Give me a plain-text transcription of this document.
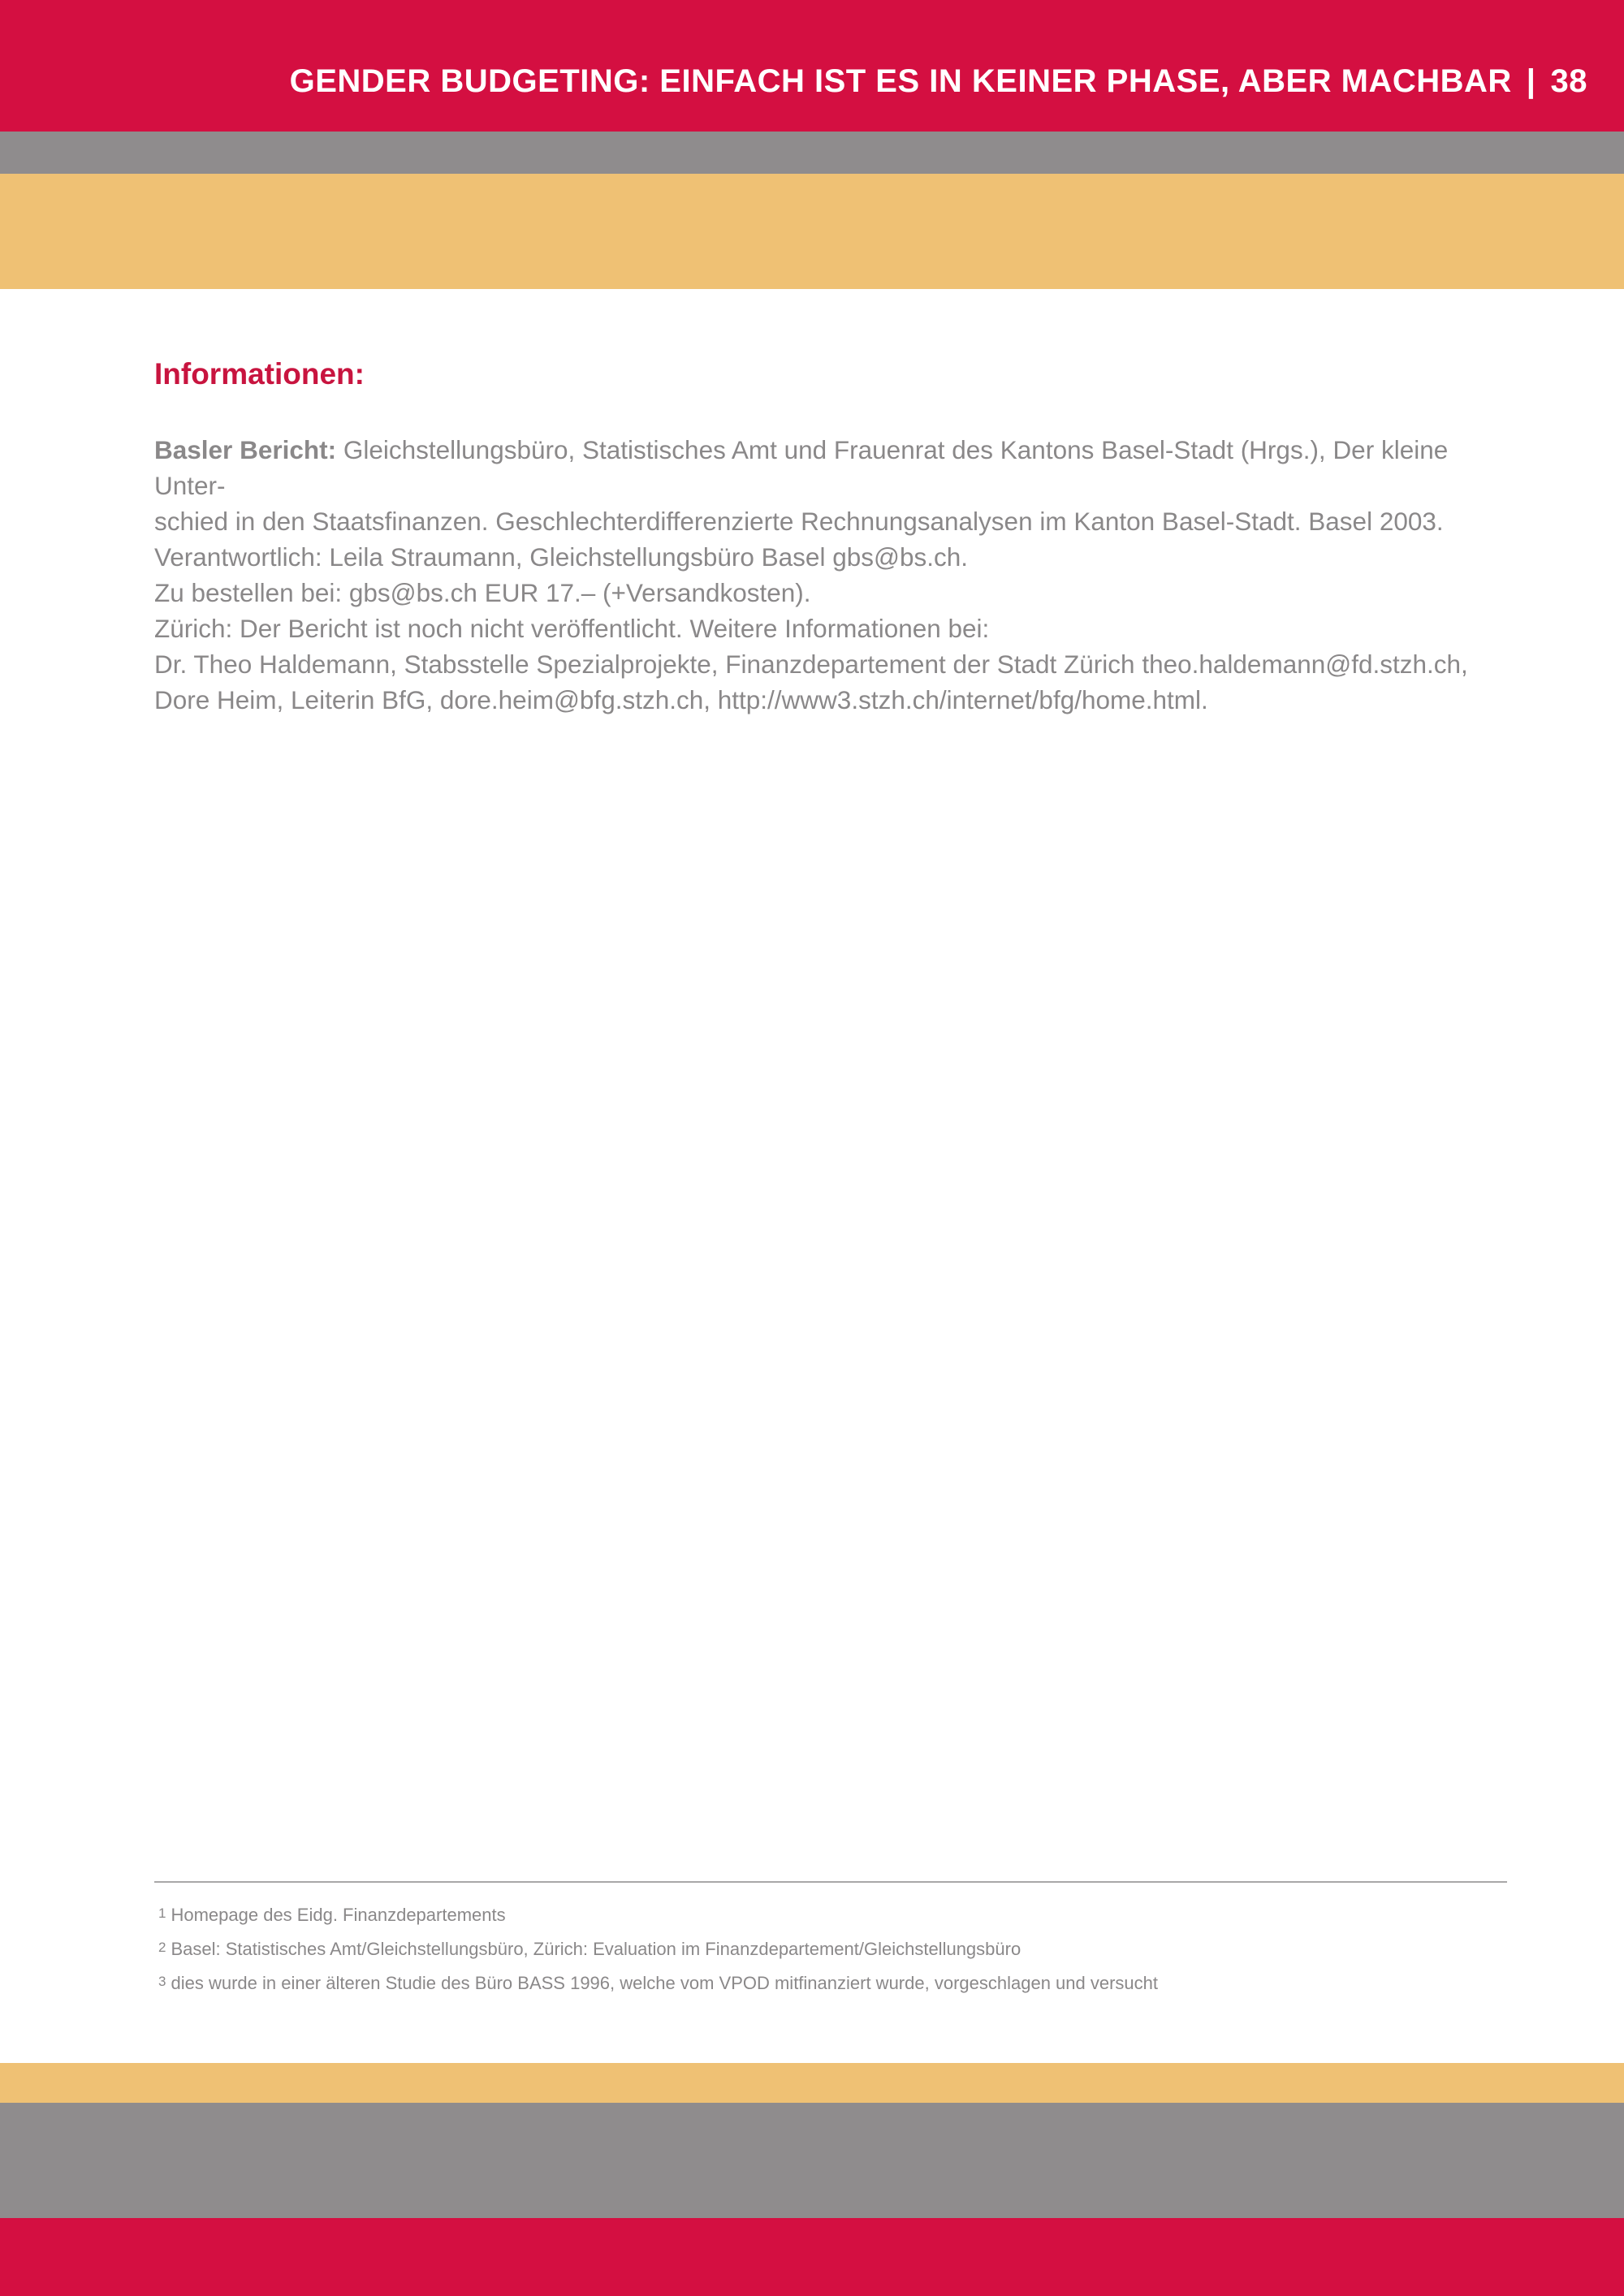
GENDER BUDGETING: EINFACH IST ES IN KEINER PHASE, ABER MACHBAR | 38
Informationen
Informationen:

Basler Bericht: Gleichstellungsbüro, Statistisches Amt und Frauenrat des Kantons Basel-Stadt (Hrgs.), Der kleine Unter-
schied in den Staatsfinanzen. Geschlechterdifferenzierte Rechnungsanalysen im Kanton Basel-Stadt. Basel 2003.
Verantwortlich: Leila Straumann, Gleichstellungsbüro Basel gbs@bs.ch.
Zu bestellen bei: gbs@bs.ch EUR 17.– (+Versandkosten).
Zürich: Der Bericht ist noch nicht veröffentlicht. Weitere Informationen bei:
Dr. Theo Haldemann, Stabsstelle Spezialprojekte, Finanzdepartement der Stadt Zürich theo.haldemann@fd.stzh.ch,
Dore Heim, Leiterin BfG, dore.heim@bfg.stzh.ch, http://www3.stzh.ch/internet/bfg/home.html.

1 Homepage des Eidg. Finanzdepartements
2 Basel: Statistisches Amt/Gleichstellungsbüro, Zürich: Evaluation im Finanzdepartement/Gleichstellungsbüro
3 dies wurde in einer älteren Studie des Büro BASS 1996, welche vom VPOD mitfinanziert wurde, vorgeschlagen und versucht
